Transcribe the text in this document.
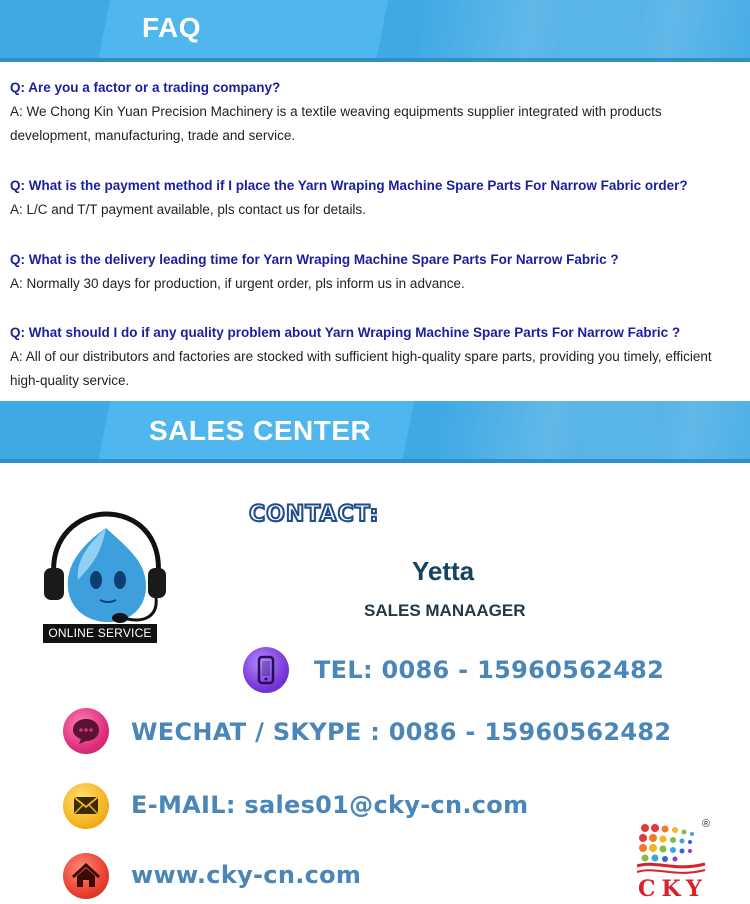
FAQ
Q: Are you a factor or a trading company?
A: We Chong Kin Yuan Precision Machinery is a textile weaving equipments supplier integrated with products development, manufacturing, trade and service.
Q: What is the payment method if I place the Yarn Wraping Machine Spare Parts For Narrow Fabric order?
A: L/C and T/T payment available, pls contact us for details.
Q: What is the delivery leading time for Yarn Wraping Machine Spare Parts For Narrow Fabric ?
A: Normally 30 days for production, if urgent order, pls inform us in advance.
Q: What should I do if any quality problem about Yarn Wraping Machine Spare Parts For Narrow Fabric ?
A: All of our distributors and factories are stocked with sufficient high-quality spare parts, providing you timely, efficient high-quality service.
SALES CENTER
ONLINE SERVICE
CONTACT:
Yetta
SALES MANAAGER
TEL: 0086 - 15960562482
WECHAT / SKYPE : 0086 - 15960562482
E-MAIL: sales01@cky-cn.com
www.cky-cn.com
®
CKY
